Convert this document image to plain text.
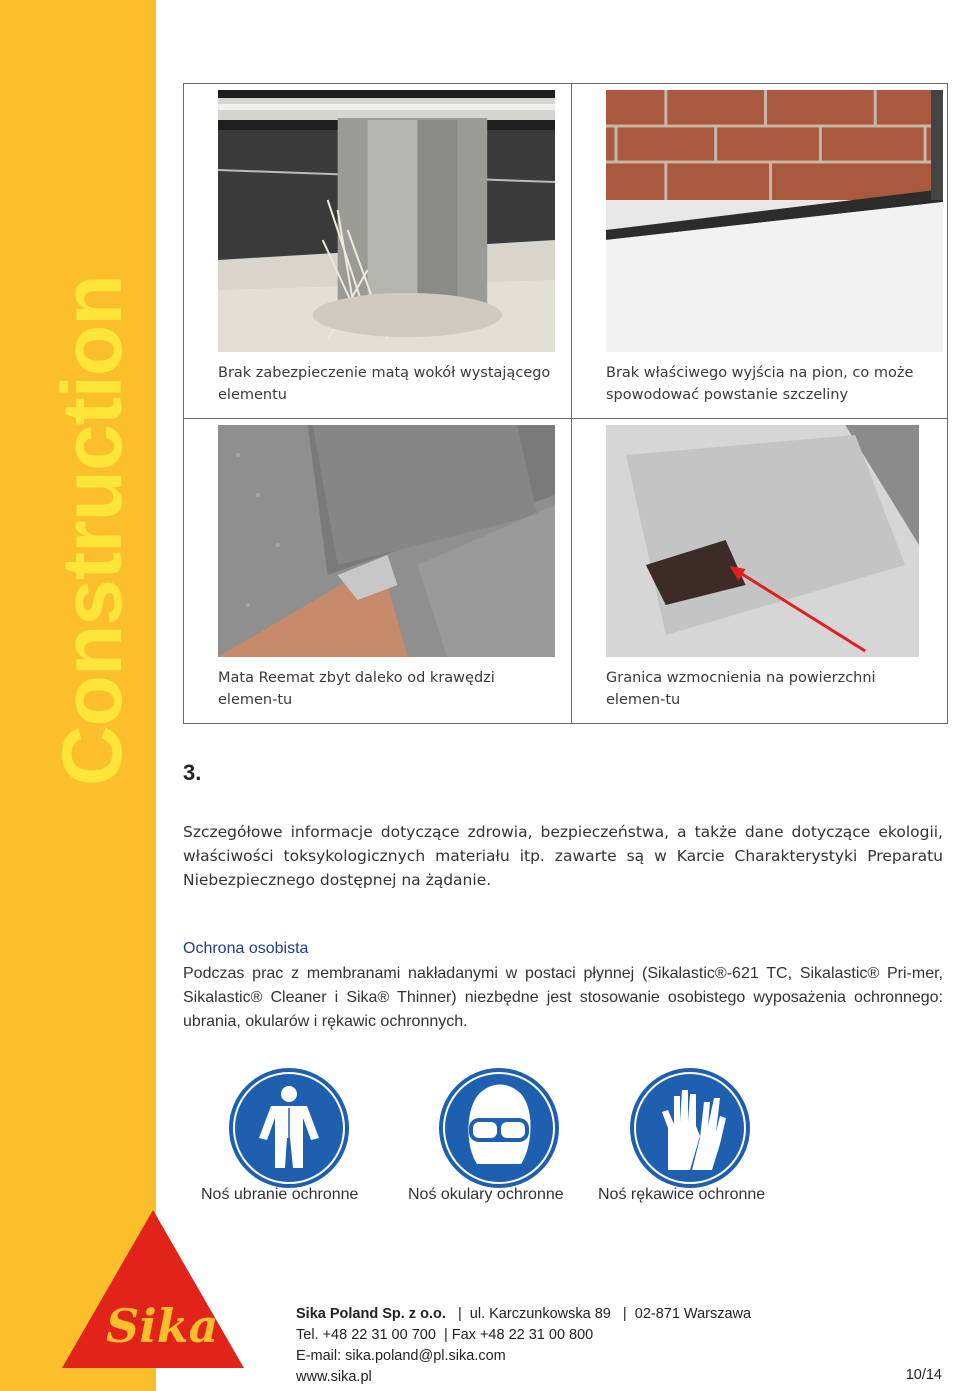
Construction
Nr: 850 915 07
Autor: GBa/SBu
Data: 09/2012
Brak zabezpieczenie matą wokół wystającego elementu	Brak właściwego wyjścia na pion, co może spowodować powstanie szczeliny

Mata Reemat zbyt daleko od krawędzi elemen-tu	Granica wzmocnienia na powierzchni elemen-tu
3.
Szczegółowe informacje dotyczące zdrowia, bezpieczeństwa, a także dane dotyczące ekologii, właściwości toksykologicznych materiału itp. zawarte są w Karcie Charakterystyki Preparatu Niebezpiecznego dostępnej na żądanie.
Ochrona osobista
Podczas prac z membranami nakładanymi w postaci płynnej (Sikalastic®-621 TC, Sikalastic® Pri-mer, Sikalastic® Cleaner i Sika® Thinner) niezbędne jest stosowanie osobistego wyposażenia ochronnego: ubrania, okularów i rękawic ochronnych.
Noś ubranie ochronne	Noś okulary ochronne Noś rękawice ochronne
Sika ®
Sika Poland Sp. z o.o.   |  ul. Karczunkowska 89   |  02-871 Warszawa
Tel. +48 22 31 00 700  | Fax +48 22 31 00 800
E-mail: sika.poland@pl.sika.com
www.sika.pl	10/14
